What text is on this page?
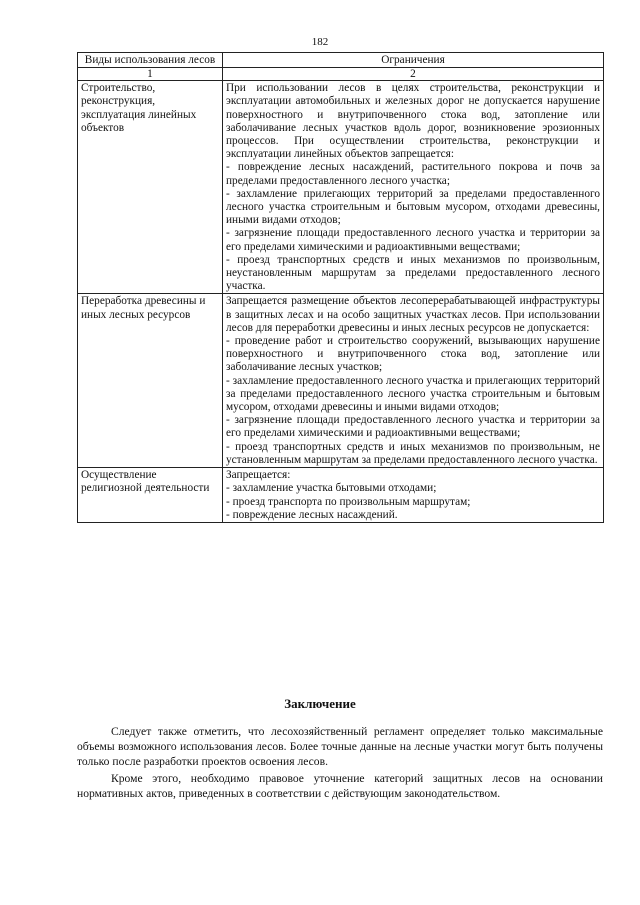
182
Виды использования лесов	Ограничения
1	2
Строительство, реконструкция, эксплуатация линейных объектов	При использовании лесов в целях строительства, реконструкции и эксплуатации автомобильных и железных дорог не допускается нарушение поверхностного и внутрипочвенного стока вод, затопление или заболачивание лесных участков вдоль дорог, возникновение эрозионных процессов. При осуществлении строительства, реконструкции и эксплуатации линейных объектов запрещается:
- повреждение лесных насаждений, растительного покрова и почв за пределами предоставленного лесного участка;
- захламление прилегающих территорий за пределами предоставленного лесного участка строительным и бытовым мусором, отходами древесины, иными видами отходов;
- загрязнение площади предоставленного лесного участка и территории за его пределами химическими и радиоактивными веществами;
- проезд транспортных средств и иных механизмов по произвольным, неустановленным маршрутам за пределами предоставленного лесного участка.

Переработка древесины и иных лесных ресурсов	Запрещается размещение объектов лесоперерабатывающей инфраструктуры в защитных лесах и на особо защитных участках лесов. При использовании лесов для переработки древесины и иных лесных ресурсов не допускается:
- проведение работ и строительство сооружений, вызывающих нарушение поверхностного и внутрипочвенного стока вод, затопление или заболачивание лесных участков;
- захламление предоставленного лесного участка и прилегающих территорий за пределами предоставленного лесного участка строительным и бытовым мусором, отходами древесины и иными видами отходов;
- загрязнение площади предоставленного лесного участка и территории за его пределами химическими и радиоактивными веществами;
- проезд транспортных средств и иных механизмов по произвольным, не установленным маршрутам за пределами предоставленного лесного участка.

Осуществление религиозной деятельности	Запрещается:
- захламление участка бытовыми отходами;
- проезд транспорта по произвольным маршрутам;
- повреждение лесных насаждений.
Заключение
Следует также отметить, что лесохозяйственный регламент определяет только максимальные объемы возможного использования лесов. Более точные данные на лесные участки могут быть получены только после разработки проектов освоения лесов.
Кроме этого, необходимо правовое уточнение категорий защитных лесов на основании нормативных актов, приведенных в соответствии с действующим законодательством.
